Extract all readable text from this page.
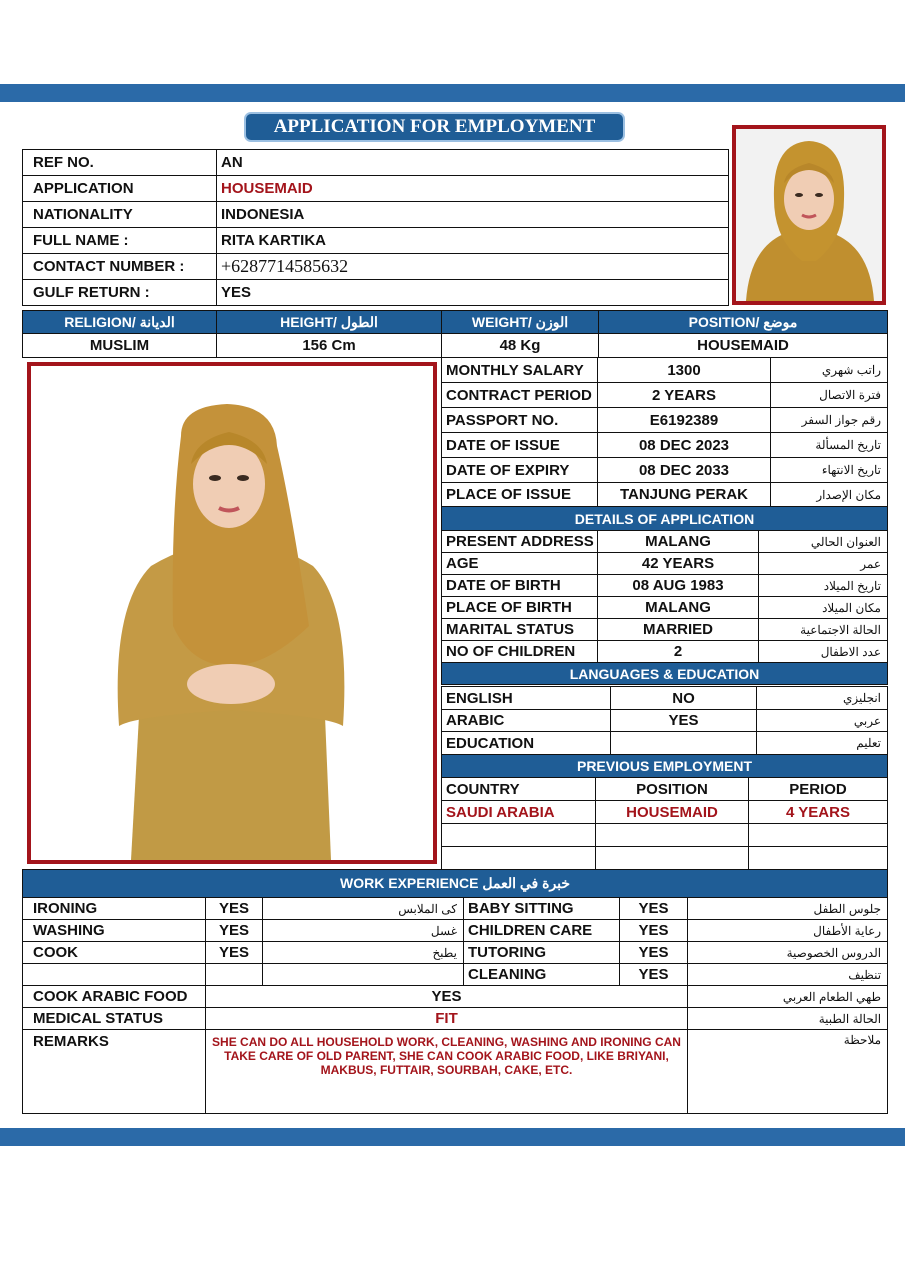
APPLICATION FOR EMPLOYMENT
REF NO.	AN
APPLICATION	HOUSEMAID
NATIONALITY	INDONESIA
FULL NAME :	RITA KARTIKA
CONTACT NUMBER :	+6287714585632
GULF RETURN :	YES
RELIGION/ الديانة	HEIGHT/ الطول	WEIGHT/ الوزن	POSITION/ موضع
MUSLIM	156 Cm	48 Kg	HOUSEMAID
MONTHLY SALARY	1300	راتب شهري
CONTRACT PERIOD	2 YEARS	فترة الاتصال
PASSPORT NO.	E6192389	رقم جواز السفر
DATE OF ISSUE	08 DEC 2023	تاريخ المسألة
DATE OF EXPIRY	08 DEC 2033	تاريخ الانتهاء
PLACE OF ISSUE	TANJUNG PERAK	مكان الإصدار
DETAILS OF APPLICATION		
PRESENT ADDRESS	MALANG	العنوان الحالي
AGE	42 YEARS	عمر
DATE OF BIRTH	08 AUG 1983	تاريخ الميلاد
PLACE OF BIRTH	MALANG	مكان الميلاد
MARITAL STATUS	MARRIED	الحالة الاجتماعية
NO OF CHILDREN	2	عدد الاطفال
LANGUAGES & EDUCATION		
ENGLISH	NO	انجليزي
ARABIC	YES	عربي
EDUCATION		تعليم
PREVIOUS EMPLOYMENT		
COUNTRY	POSITION	PERIOD
SAUDI ARABIA	HOUSEMAID	4 YEARS

WORK EXPERIENCE خبرة في العمل					
IRONING	YES	كى الملابس	BABY SITTING	YES	جلوس الطفل
WASHING	YES	غسل	CHILDREN CARE	YES	رعاية الأطفال
COOK	YES	يطبخ	TUTORING	YES	الدروس الخصوصية
			CLEANING	YES	تنظيف
COOK ARABIC FOOD	YES				طهي الطعام العربي
MEDICAL STATUS	FIT				الحالة الطبية
REMARKS	SHE CAN DO ALL HOUSEHOLD WORK, CLEANING, WASHING AND IRONING CAN TAKE CARE OF OLD PARENT, SHE CAN COOK ARABIC FOOD, LIKE BRIYANI, MAKBUS, FUTTAIR, SOURBAH, CAKE, ETC.				ملاحظة
